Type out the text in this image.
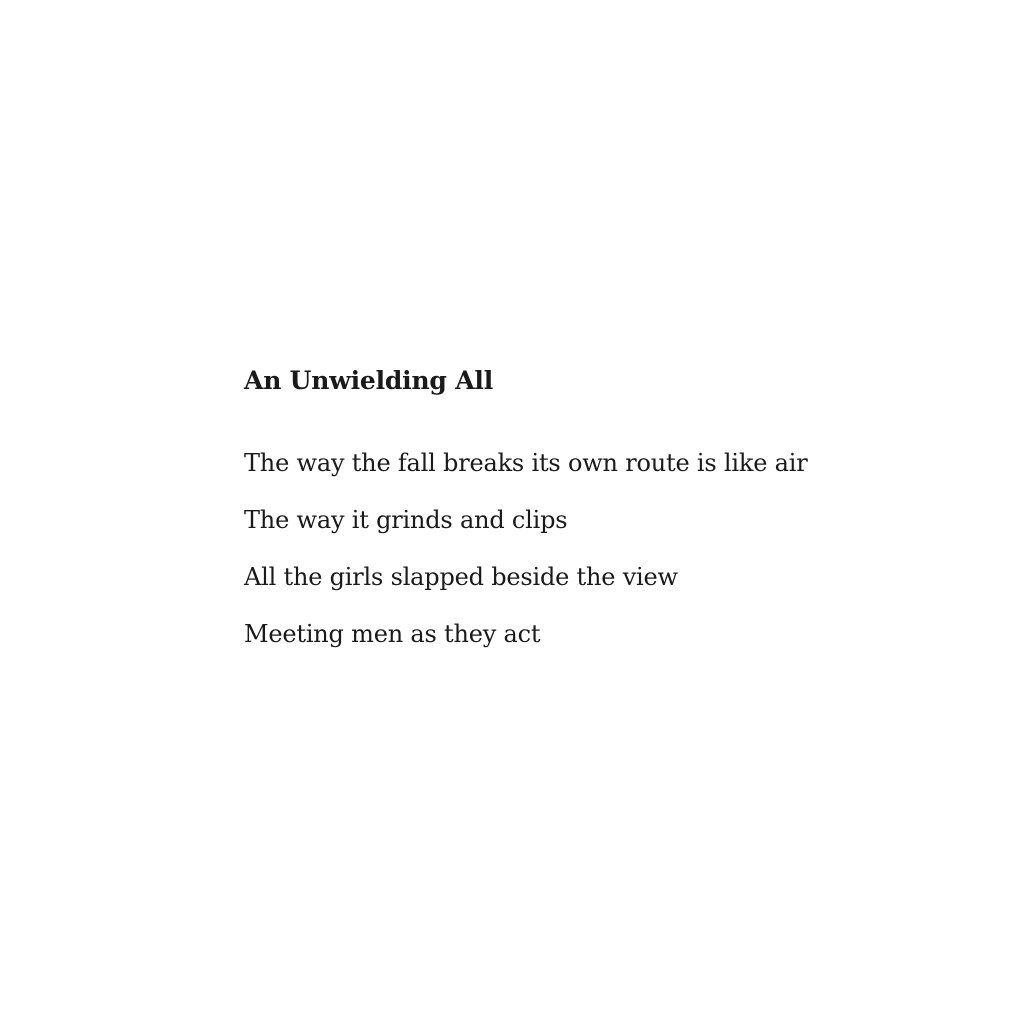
An Unwielding All

The way the fall breaks its own route is like air

The way it grinds and clips

All the girls slapped beside the view

Meeting men as they act
